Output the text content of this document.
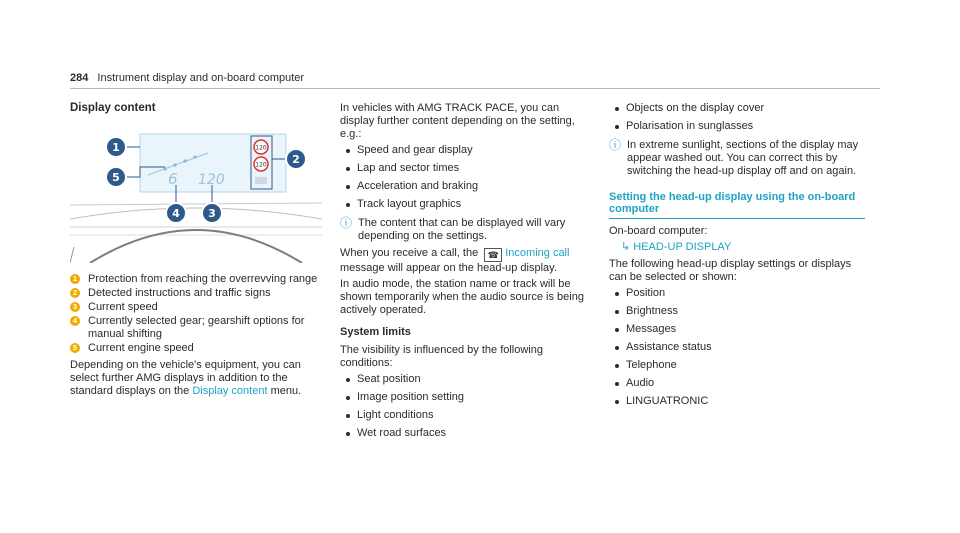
284 Instrument display and on-board computer
Display content
6 120
120
120
1
5
2
4	3
1 Protection from reaching the overrevving range
2 Detected instructions and traffic signs
3 Current speed
4 Currently selected gear; gearshift options for manual shifting
5 Current engine speed

Depending on the vehicle's equipment, you can select further AMG displays in addition to the standard displays on the Display content menu.

In vehicles with AMG TRACK PACE, you can display further content depending on the setting, e.g.:

Speed and gear display
Lap and sector times
Acceleration and braking
Track layout graphics
ⓘ The content that can be displayed will vary depending on the settings.

When you receive a call, the ☎ Incoming call message will appear on the head-up display.

In audio mode, the station name or track will be shown temporarily when the audio source is being actively operated.

System limits

The visibility is influenced by the following conditions:

Seat position
Image position setting
Light conditions
Wet road surfaces
Objects on the display cover
Polarisation in sunglasses
ⓘ In extreme sunlight, sections of the display may appear washed out. You can correct this by switching the head-up display off and on again.
Setting the head-up display using the on-board computer

On-board computer:

↳ HEAD-UP DISPLAY

The following head-up display settings or displays can be selected or shown:

Position
Brightness
Messages
Assistance status
Telephone
Audio
LINGUATRONIC
